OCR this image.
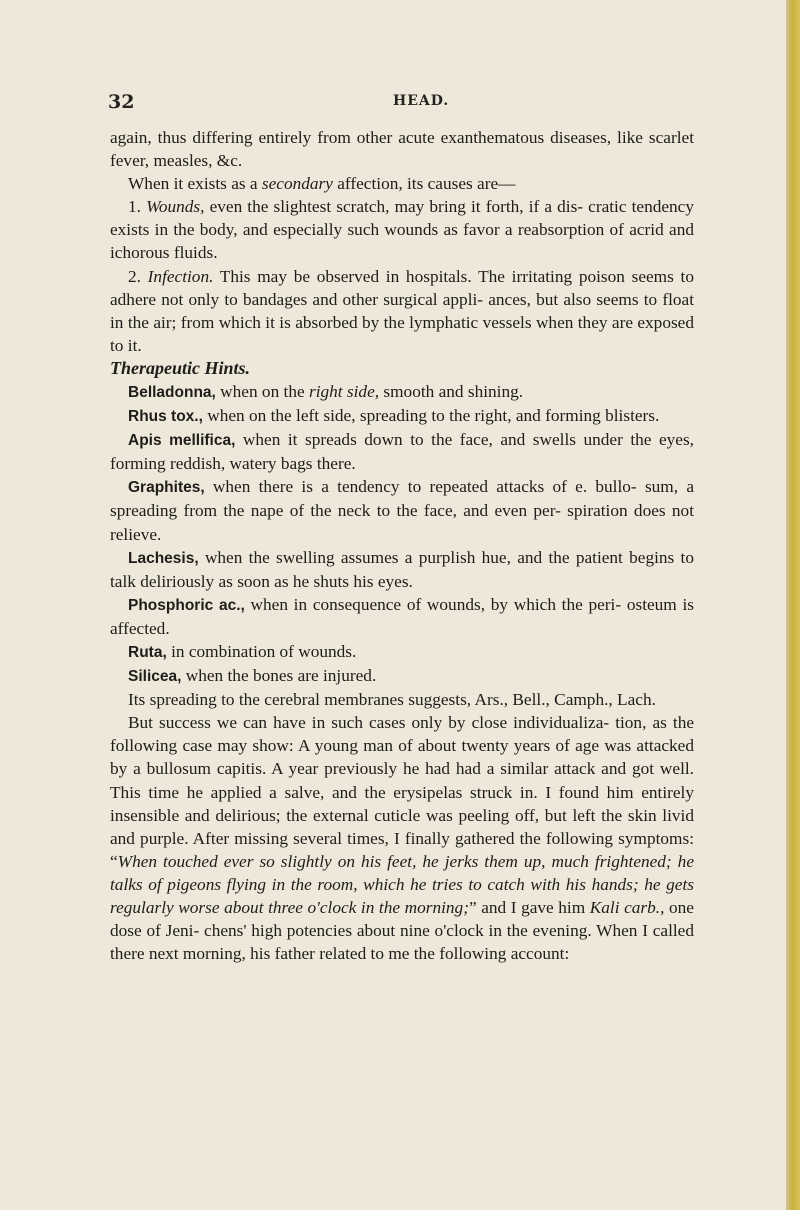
32	HEAD.

again, thus differing entirely from other acute exanthematous diseases, like scarlet fever, measles, &c.

When it exists as a secondary affection, its causes are—

1. Wounds, even the slightest scratch, may bring it forth, if a dis- cratic tendency exists in the body, and especially such wounds as favor a reabsorption of acrid and ichorous fluids.

2. Infection. This may be observed in hospitals. The irritating poison seems to adhere not only to bandages and other surgical appli- ances, but also seems to float in the air; from which it is absorbed by the lymphatic vessels when they are exposed to it.

Therapeutic Hints.

Belladonna, when on the right side, smooth and shining.

Rhus tox., when on the left side, spreading to the right, and forming blisters.

Apis mellifica, when it spreads down to the face, and swells under the eyes, forming reddish, watery bags there.

Graphites, when there is a tendency to repeated attacks of e. bullo- sum, a spreading from the nape of the neck to the face, and even per- spiration does not relieve.

Lachesis, when the swelling assumes a purplish hue, and the patient begins to talk deliriously as soon as he shuts his eyes.

Phosphoric ac., when in consequence of wounds, by which the peri- osteum is affected.

Ruta, in combination of wounds.

Silicea, when the bones are injured.

Its spreading to the cerebral membranes suggests, Ars., Bell., Camph., Lach.

But success we can have in such cases only by close individualiza- tion, as the following case may show: A young man of about twenty years of age was attacked by a bullosum capitis. A year previously he had had a similar attack and got well. This time he applied a salve, and the erysipelas struck in. I found him entirely insensible and delirious; the external cuticle was peeling off, but left the skin livid and purple. After missing several times, I finally gathered the following symptoms: “When touched ever so slightly on his feet, he jerks them up, much frightened; he talks of pigeons flying in the room, which he tries to catch with his hands; he gets regularly worse about three o'clock in the morning;” and I gave him Kali carb., one dose of Jeni- chens' high potencies about nine o'clock in the evening. When I called there next morning, his father related to me the following account:
